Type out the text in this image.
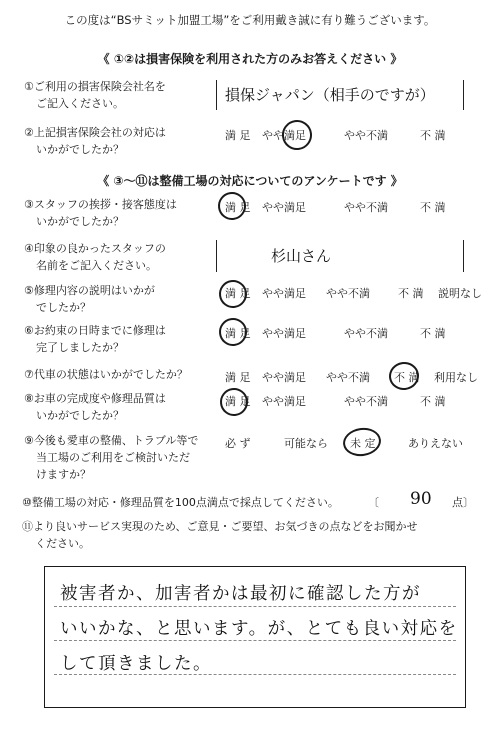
この度は“BSサミット加盟工場”をご利用戴き誠に有り難うございます。
《 ①②は損害保険を利用された方のみお答えください 》
①ご利用の損害保険会社名を
ご記入ください。	損保ジャパン（相手のですが）
②上記損害保険会社の対応は
いかがでしたか？
満 足 やや満足	やや不満	不 満
《 ③〜⑪は整備工場の対応についてのアンケートです 》
③スタッフの挨拶・接客態度は
いかがでしたか？
満 足 やや満足	やや不満	不 満
④印象の良かったスタッフの
名前をご記入ください。
杉山さん
⑤修理内容の説明はいかが
でしたか？
満 足 やや満足 やや不満	不 満 説明なし
⑥お約束の日時までに修理は
完了しましたか？
満 足 やや満足	やや不満	不 満
⑦代車の状態はいかがでしたか？	満 足 やや満足 やや不満 不 満 利用なし
⑧お車の完成度や修理品質は
いかがでしたか？
満 足 やや満足	やや不満	不 満
⑨今後も愛車の整備、トラブル等で
当工場のご利用をご検討いただ
けますか？
必 ず	可能なら 未 定	ありえない
⑩整備工場の対応・修理品質を100点満点で採点してください。	〔 90 点〕
⑪より良いサービス実現のため、ご意見・ご要望、お気づきの点などをお聞かせ
ください。
被害者か、加害者かは最初に確認した方が
いいかな、と思います。が、とても良い対応を
して頂きました。
